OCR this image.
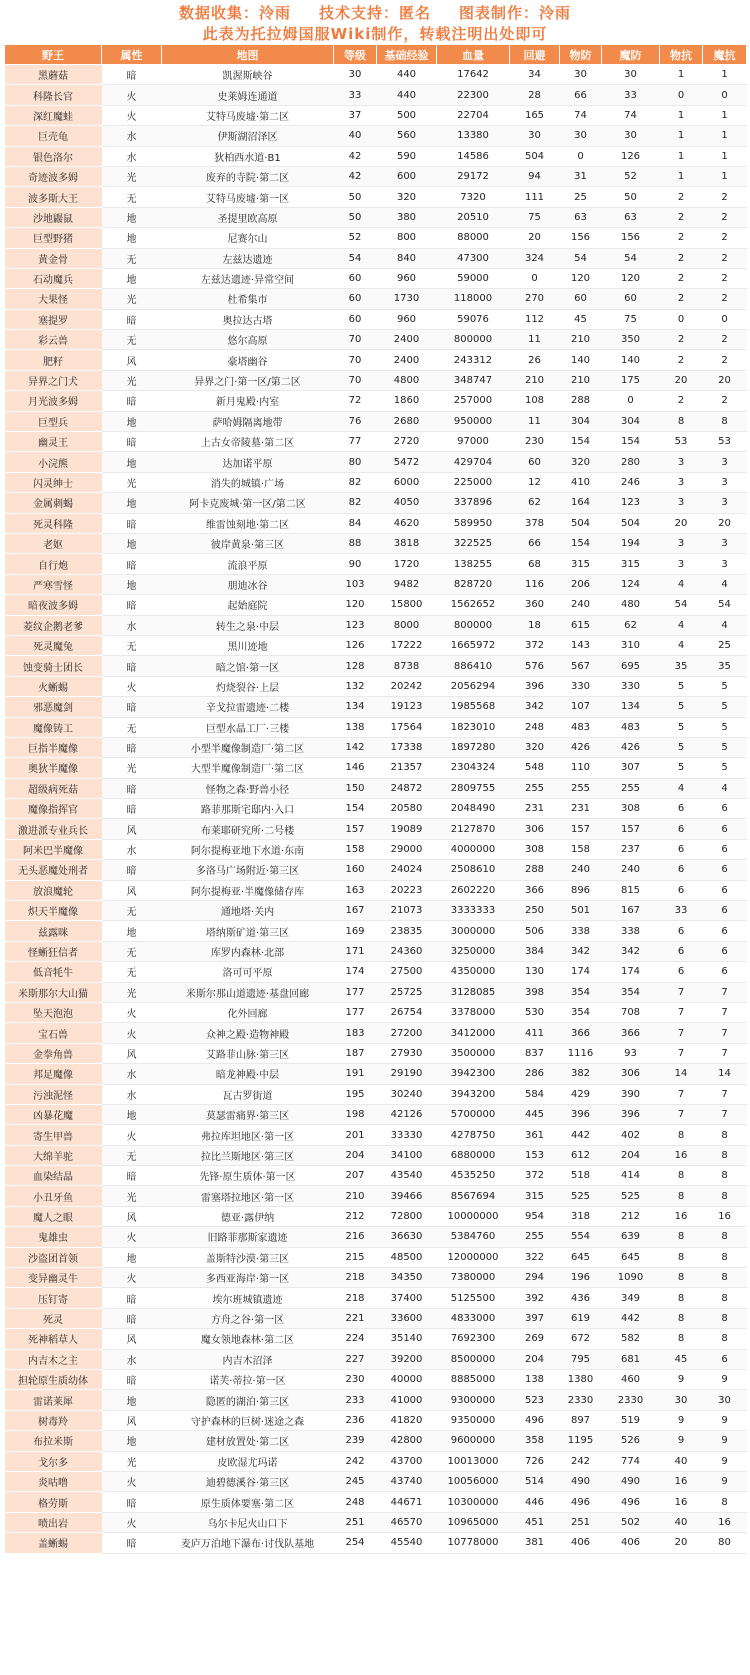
数据收集：泠雨 技术支持：匿名 图表制作：泠雨
此表为托拉姆国服Wiki制作，转载注明出处即可
野王	属性	地图	等级	基础经验	血量	回避	物防	魔防	物抗	魔抗
黑蘑菇	暗	凯渥斯峡谷	30	440	17642	34	30	30	1	1
科隆长官	火	史莱姆连通道	33	440	22300	28	66	33	0	0
深红魔蛙	火	艾特马废墟·第二区	37	500	22704	165	74	74	1	1
巨壳龟	水	伊斯湖沼泽区	40	560	13380	30	30	30	1	1
银色洛尔	水	狄柏西水道·B1	42	590	14586	504	0	126	1	1
奇迹波多姆	光	废弃的寺院·第二区	42	600	29172	94	31	52	1	1
波多斯大王	无	艾特马废墟·第一区	50	320	7320	111	25	50	2	2
沙地鼹鼠	地	圣提里欧高原	50	380	20510	75	63	63	2	2
巨型野猪	地	尼赛尔山	52	800	88000	20	156	156	2	2
黄金骨	无	左兹达遗迹	54	840	47300	324	54	54	2	2
石动魔兵	地	左兹达遗迹·异常空间	60	960	59000	0	120	120	2	2
大果怪	光	杜希集市	60	1730	118000	270	60	60	2	2
塞提罗	暗	奥拉达古塔	60	960	59076	112	45	75	0	0
彩云兽	无	悠尔高原	70	2400	800000	11	210	350	2	2
肥籽	风	豪塔幽谷	70	2400	243312	26	140	140	2	2
异界之门犬	光	异界之门·第一区/第二区	70	4800	348747	210	210	175	20	20
月光波多姆	暗	新月鬼殿·内室	72	1860	257000	108	288	0	2	2
巨型兵	地	萨哈姆隔离地带	76	2680	950000	11	304	304	8	8
幽灵王	暗	上古女帝陵墓·第二区	77	2720	97000	230	154	154	53	53
小浣熊	地	达加诺平原	80	5472	429704	60	320	280	3	3
闪灵绅士	光	消失的城镇·广场	82	6000	225000	12	410	246	3	3
金属刺蝎	地	阿卡克废城·第一区/第二区	82	4050	337896	62	164	123	3	3
死灵科隆	暗	维雷蚀刻地·第二区	84	4620	589950	378	504	504	20	20
老妪	地	彼岸黄泉·第三区	88	3818	322525	66	154	194	3	3
自行炮	暗	流浪平原	90	1720	138255	68	315	315	3	3
严寒雪怪	地	朋迪冰谷	103	9482	828720	116	206	124	4	4
暗夜波多姆	暗	起始庭院	120	15800	1562652	360	240	480	54	54
菱纹企鹅老爹	水	转生之泉·中层	123	8000	800000	18	615	62	4	4
死灵魔兔	无	黑川迹地	126	17222	1665972	372	143	310	4	25
蚀变骑士团长	暗	暗之馆·第一区	128	8738	886410	576	567	695	35	35
火蜥蜴	火	灼烧裂谷·上层	132	20242	2056294	396	330	330	5	5
邪恶魔剑	暗	辛戈拉雷遗迹·二楼	134	19123	1985568	342	107	134	5	5
魔像铸工	无	巨型水晶工厂·三楼	138	17564	1823010	248	483	483	5	5
巨指半魔像	暗	小型半魔像制造厂·第二区	142	17338	1897280	320	426	426	5	5
奥狄半魔像	光	大型半魔像制造厂·第二区	146	21357	2304324	548	110	307	5	5
超级病死菇	暗	怪物之森·野兽小径	150	24872	2809755	255	255	255	4	4
魔像指挥官	暗	路菲那斯宅邸内·入口	154	20580	2048490	231	231	308	6	6
激进派专业兵长	风	布莱耶研究所·二号楼	157	19089	2127870	306	157	157	6	6
阿米巴半魔像	水	阿尔提梅亚地下水道·东南	158	29000	4000000	308	158	237	6	6
无头恶魔处刑者	暗	多洛马广场附近·第三区	160	24024	2508610	288	240	240	6	6
放浪魔轮	风	阿尔提梅亚·半魔像储存库	163	20223	2602220	366	896	815	6	6
炽天半魔像	无	通地塔·关内	167	21073	3333333	250	501	167	33	6
兹露咪	地	塔纳斯矿道·第三区	169	23835	3000000	506	338	338	6	6
怪蜥狂信者	无	库罗内森林·北部	171	24360	3250000	384	342	342	6	6
低音牦牛	无	洛可可平原	174	27500	4350000	130	174	174	6	6
米斯那尔大山猫	光	米斯尔那山道遗迹·基盘回廊	177	25725	3128085	398	354	354	7	7
坠天泡泡	火	化外回廊	177	26754	3378000	530	354	708	7	7
宝石兽	火	众神之殿·造物神殿	183	27200	3412000	411	366	366	7	7
金拳角兽	风	艾路菲山脉·第三区	187	27930	3500000	837	1116	93	7	7
邦足魔像	水	暗龙神殿·中层	191	29190	3942300	286	382	306	14	14
污浊泥怪	水	瓦古罗街道	195	30240	3943200	584	429	390	7	7
凶暴花魔	地	莫瑟雷痛界·第三区	198	42126	5700000	445	396	396	7	7
寄生甲兽	火	弗拉库坦地区·第一区	201	33330	4278750	361	442	402	8	8
大绵羊驼	无	拉比兰斯地区·第三区	204	34100	6880000	153	612	204	16	8
血染结晶	暗	先锋·原生质体·第一区	207	43540	4535250	372	518	414	8	8
小丑牙鱼	光	雷塞塔拉地区·第一区	210	39466	8567694	315	525	525	8	8
魔人之眼	风	德亚·露伊纳	212	72800	10000000	954	318	212	16	16
鬼雄虫	火	旧路菲那斯家遗迹	216	36630	5384760	255	554	639	8	8
沙盗团首领	地	盖斯特沙漠·第三区	215	48500	12000000	322	645	645	8	8
变异幽灵牛	火	多西亚海岸·第一区	218	34350	7380000	294	196	1090	8	8
压钉寄	暗	埃尔班城镇遗迹	218	37400	5125500	392	436	349	8	8
死灵	暗	方舟之谷·第一区	221	33600	4833000	397	619	442	8	8
死神稻草人	风	魔女领地森林·第二区	224	35140	7692300	269	672	582	8	8
内吉木之主	水	内吉木沼泽	227	39200	8500000	204	795	681	45	6
担轮原生质幼体	暗	诺芙·蒂拉·第一区	230	40000	8885000	138	1380	460	9	9
雷诺莱犀	地	隐匿的湖泊·第三区	233	41000	9300000	523	2330	2330	30	30
树毒羚	风	守护森林的巨树·迷途之森	236	41820	9350000	496	897	519	9	9
布拉米斯	地	建材放置处·第二区	239	42800	9600000	358	1195	526	9	9
戈尔多	光	皮欧湿尤玛诺	242	43700	10013000	726	242	774	40	9
炎咕噜	火	迪碧德溪谷·第三区	245	43740	10056000	514	490	490	16	9
格劳斯	暗	原生质体要塞·第二区	248	44671	10300000	446	496	496	16	8
喷出岩	火	乌尔卡尼火山口下	251	46570	10965000	451	251	502	40	16
盖蜥蜴	暗	麦庐万泊地下瀑布·讨伐队基地	254	45540	10778000	381	406	406	20	80
